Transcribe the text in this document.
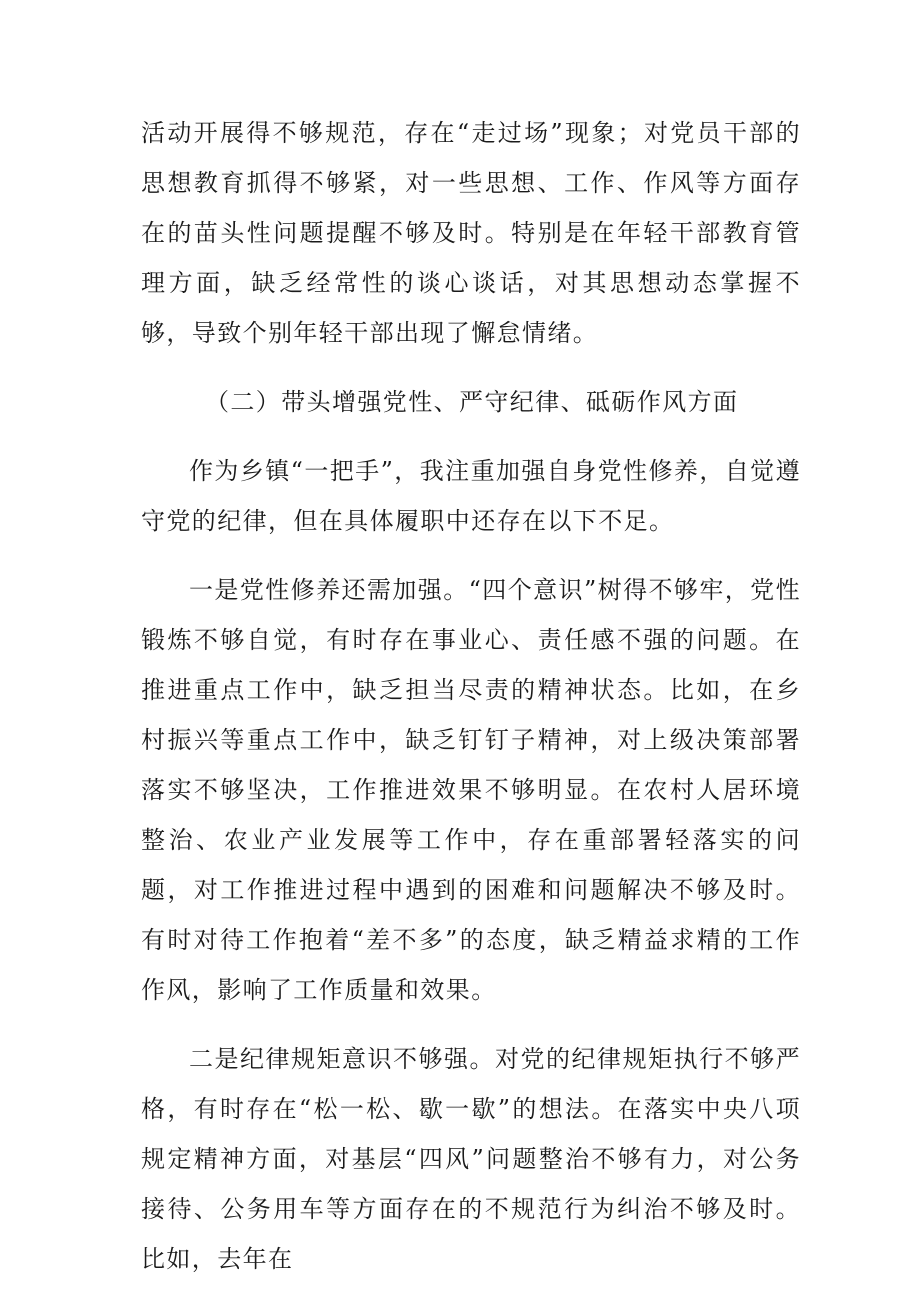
活动开展得不够规范，存在“走过场”现象；对党员干部的思想教育抓得不够紧，对一些思想、工作、作风等方面存在的苗头性问题提醒不够及时。特别是在年轻干部教育管理方面，缺乏经常性的谈心谈话，对其思想动态掌握不够，导致个别年轻干部出现了懈怠情绪。

（二）带头增强党性、严守纪律、砥砺作风方面

作为乡镇“一把手”，我注重加强自身党性修养，自觉遵守党的纪律，但在具体履职中还存在以下不足。

一是党性修养还需加强。“四个意识”树得不够牢，党性锻炼不够自觉，有时存在事业心、责任感不强的问题。在推进重点工作中，缺乏担当尽责的精神状态。比如，在乡村振兴等重点工作中，缺乏钉钉子精神，对上级决策部署落实不够坚决，工作推进效果不够明显。在农村人居环境整治、农业产业发展等工作中，存在重部署轻落实的问题，对工作推进过程中遇到的困难和问题解决不够及时。有时对待工作抱着“差不多”的态度，缺乏精益求精的工作作风，影响了工作质量和效果。

二是纪律规矩意识不够强。对党的纪律规矩执行不够严格，有时存在“松一松、歇一歇”的想法。在落实中央八项规定精神方面，对基层“四风”问题整治不够有力，对公务接待、公务用车等方面存在的不规范行为纠治不够及时。比如，去年在
